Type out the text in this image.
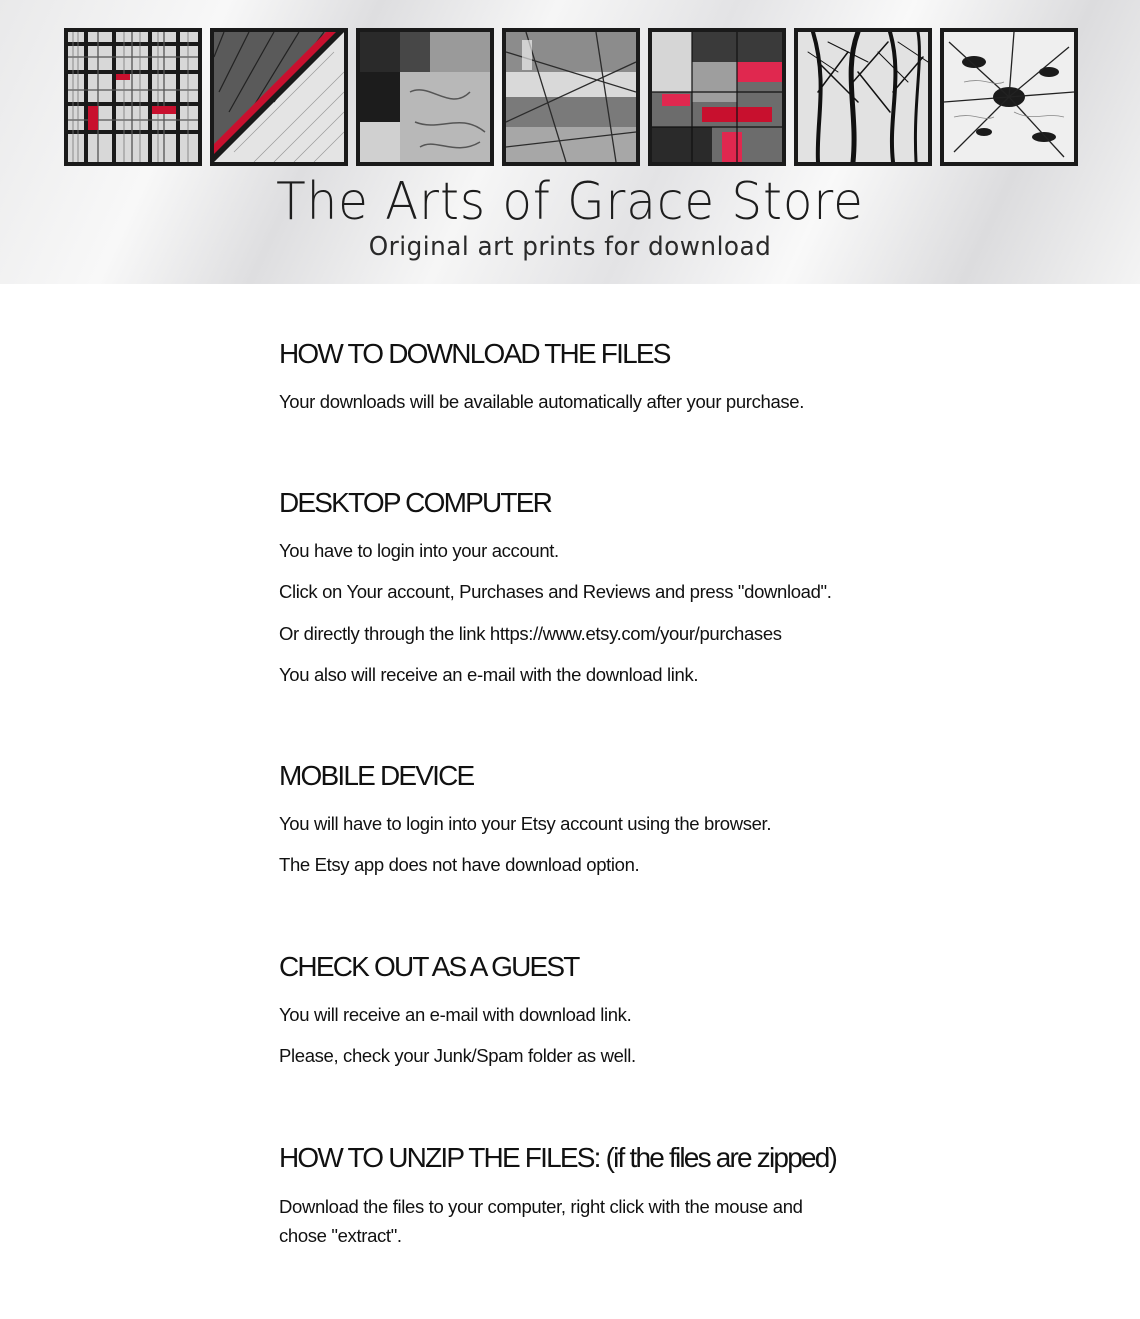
The Arts of Grace Store

Original art prints for download

HOW TO DOWNLOAD THE FILES

Your downloads will be available automatically after your purchase.

DESKTOP COMPUTER

You have to login into your account.

Click on Your account, Purchases and Reviews and press "download".

Or directly through the link https://www.etsy.com/your/purchases

You also will receive an e-mail with the download link.

MOBILE DEVICE

You will have to login into your Etsy account using the browser.

The Etsy app does not have download option.

CHECK OUT AS A GUEST

You will receive an e-mail with download link.

Please, check your Junk/Spam folder as well.

HOW TO UNZIP THE FILES: (if the files are zipped)

Download the files to your computer, right click with the mouse and

chose "extract".
